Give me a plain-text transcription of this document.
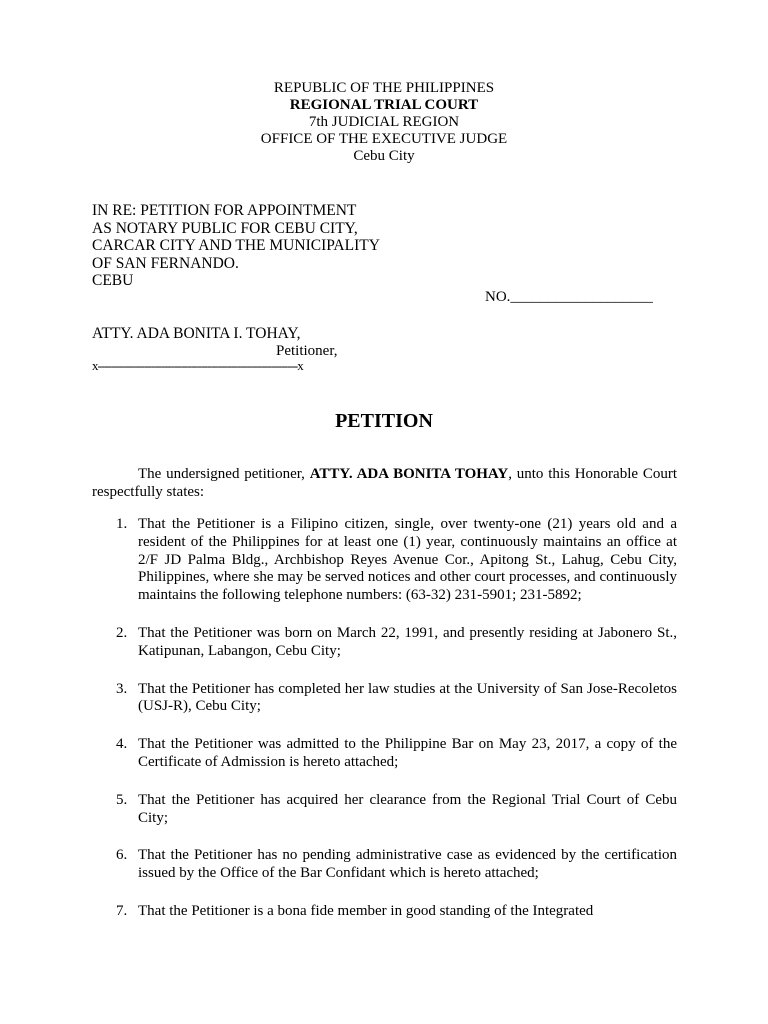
REPUBLIC OF THE PHILIPPINES
REGIONAL TRIAL COURT
7th JUDICIAL REGION
OFFICE OF THE EXECUTIVE JUDGE
Cebu City
IN RE: PETITION FOR APPOINTMENT
AS NOTARY PUBLIC FOR CEBU CITY,
CARCAR CITY AND THE MUNICIPALITY
OF SAN FERNANDO.
CEBU
NO.___________________
ATTY. ADA BONITA I. TOHAY,
Petitioner,
x------------------------------------------------------------x
PETITION
The undersigned petitioner, ATTY. ADA BONITA TOHAY, unto this Honorable Court respectfully states:
1. That the Petitioner is a Filipino citizen, single, over twenty-one (21) years old and a resident of the Philippines for at least one (1) year, continuously maintains an office at 2/F JD Palma Bldg., Archbishop Reyes Avenue Cor., Apitong St., Lahug, Cebu City, Philippines, where she may be served notices and other court processes, and continuously maintains the following telephone numbers: (63-32) 231-5901; 231-5892;
2. That the Petitioner was born on March 22, 1991, and presently residing at Jabonero St., Katipunan, Labangon, Cebu City;
3. That the Petitioner has completed her law studies at the University of San Jose-Recoletos (USJ-R), Cebu City;
4. That the Petitioner was admitted to the Philippine Bar on May 23, 2017, a copy of the Certificate of Admission is hereto attached;
5. That the Petitioner has acquired her clearance from the Regional Trial Court of Cebu City;
6. That the Petitioner has no pending administrative case as evidenced by the certification issued by the Office of the Bar Confidant which is hereto attached;
7. That the Petitioner is a bona fide member in good standing of the Integrated
